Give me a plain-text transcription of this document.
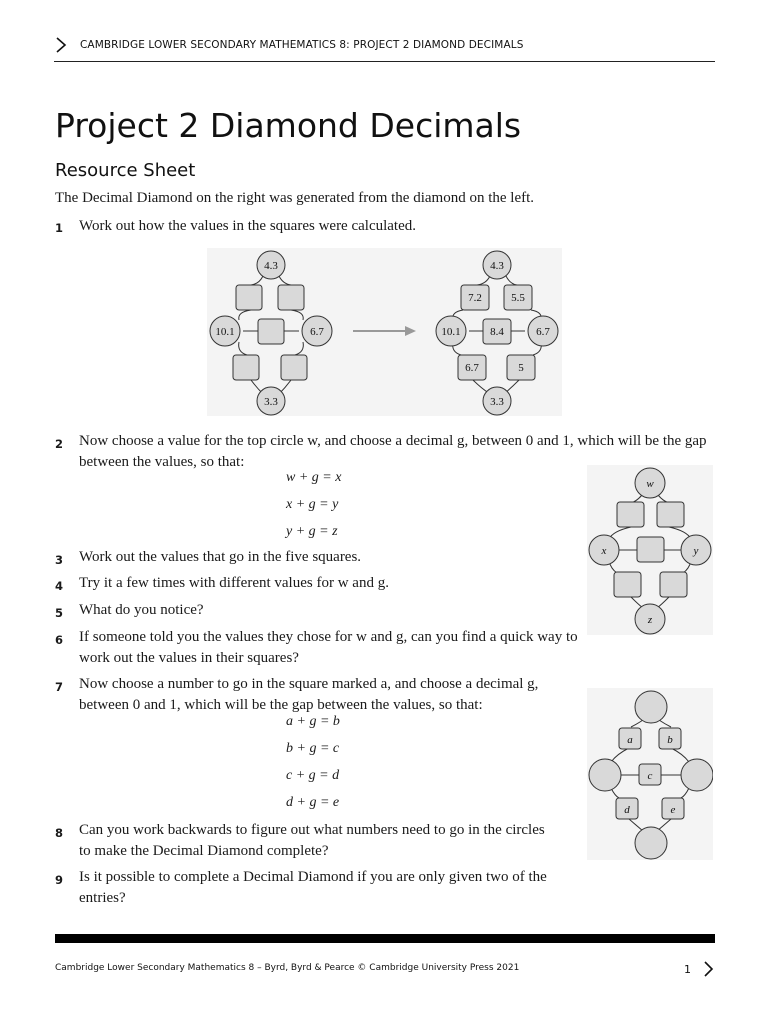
CAMBRIDGE LOWER SECONDARY MATHEMATICS 8: PROJECT 2 DIAMOND DECIMALS
Project 2 Diamond Decimals
Resource Sheet
The Decimal Diamond on the right was generated from the diamond on the left.
1 Work out how the values in the squares were calculated.
4.3
10.1	6.7
3.3
4.3
10.1	6.7
3.3
7.2	5.5
8.4
6.7	5
2 Now choose a value for the top circle w, and choose a decimal g, between 0 and 1, which will be the gap between the values, so that:
w + g = x
x + g = y
y + g = z
w
x	y
z
3 Work out the values that go in the five squares.
4 Try it a few times with different values for w and g.
5 What do you notice?
6 If someone told you the values they chose for w and g, can you find a quick way to work out the values in their squares?
7 Now choose a number to go in the square marked a, and choose a decimal g, between 0 and 1, which will be the gap between the values, so that:
a + g = b
b + g = c
c + g = d
d + g = e
a	b
c
d	e
8 Can you work backwards to figure out what numbers need to go in the circles to make the Decimal Diamond complete?
9 Is it possible to complete a Decimal Diamond if you are only given two of the entries?
Cambridge Lower Secondary Mathematics 8 – Byrd, Byrd & Pearce © Cambridge University Press 2021	1
